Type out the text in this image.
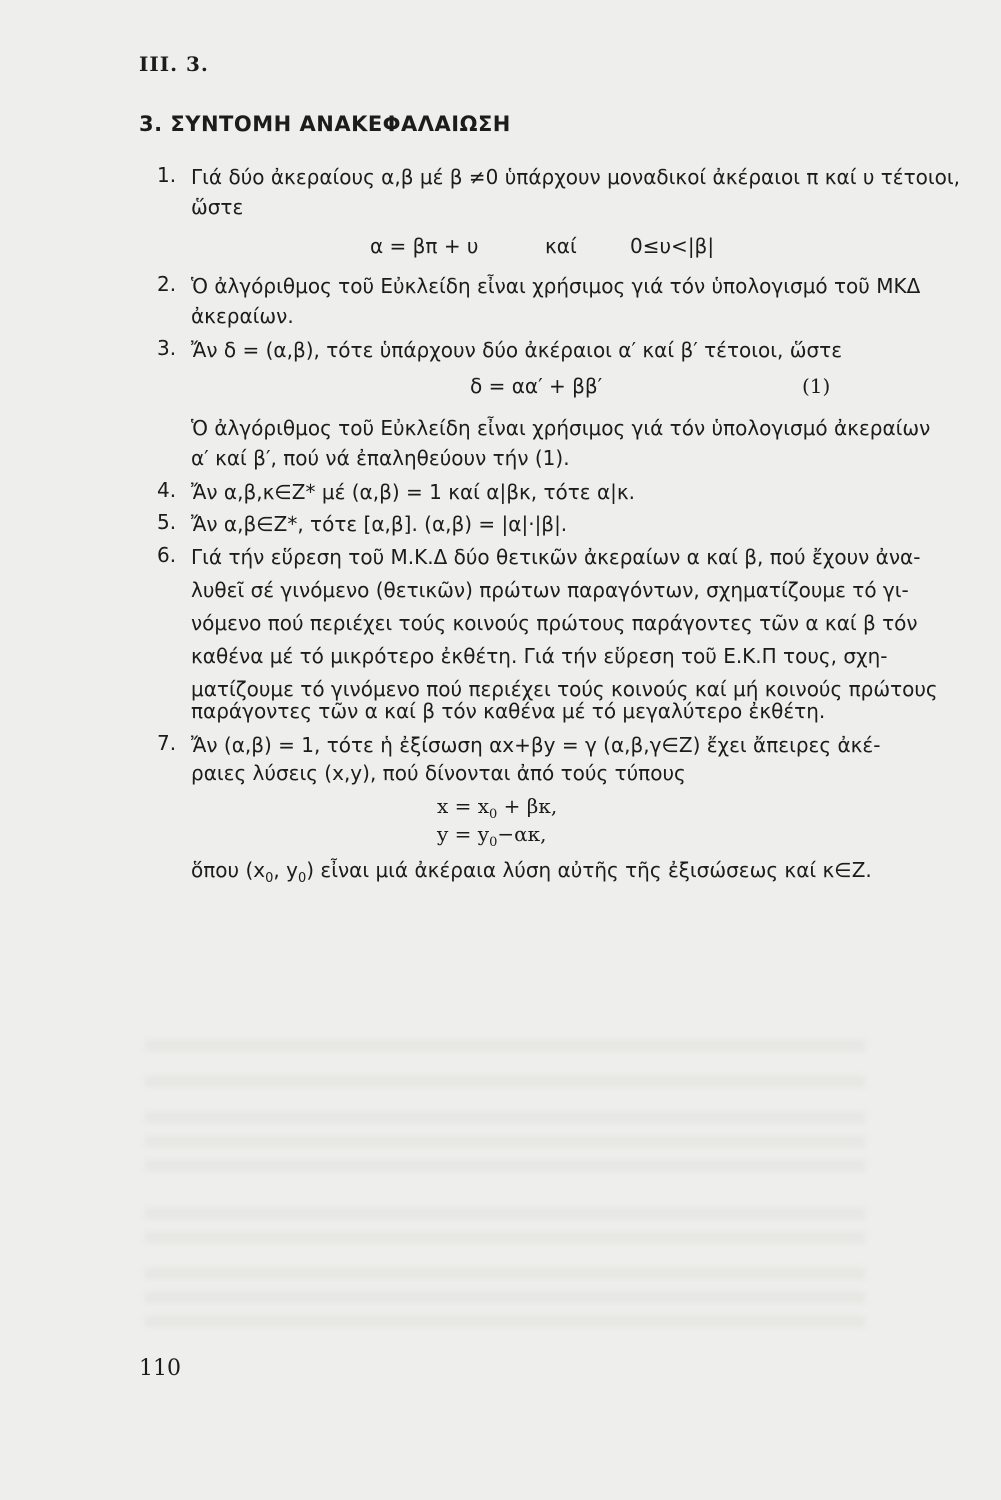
III. 3.
3. ΣΥΝΤΟΜΗ ΑΝΑΚΕΦΑΛΑΙΩΣΗ
1. Γιά δύο ἀκεραίους α,β μέ β ≠0 ὑπάρχουν μοναδικοί ἀκέραιοι π καί υ τέτοιοι,
ὥστε
α = βπ + υ	καί	0≤υ<|β|
2. Ὁ ἀλγόριθμος τοῦ Εὐκλείδη εἶναι χρήσιμος γιά τόν ὑπολογισμό τοῦ ΜΚΔ
ἀκεραίων.
3. Ἄν δ = (α,β), τότε ὑπάρχουν δύο ἀκέραιοι α′ καί β′ τέτοιοι, ὥστε
δ = αα′ + ββ′	(1)
Ὁ ἀλγόριθμος τοῦ Εὐκλείδη εἶναι χρήσιμος γιά τόν ὑπολογισμό ἀκεραίων
α′ καί β′, πού νά ἐπαληθεύουν τήν (1).
4. Ἄν α,β,κ∈Z* μέ (α,β) = 1 καί α|βκ, τότε α|κ.
5. Ἄν α,β∈Z*, τότε [α,β]. (α,β) = |α|·|β|.
6. Γιά τήν εὕρεση τοῦ Μ.Κ.Δ δύο θετικῶν ἀκεραίων α καί β, πού ἔχουν ἀνα-
λυθεῖ σέ γινόμενο (θετικῶν) πρώτων παραγόντων, σχηματίζουμε τό γι-
νόμενο πού περιέχει τούς κοινούς πρώτους παράγοντες τῶν α καί β τόν
καθένα μέ τό μικρότερο ἐκθέτη. Γιά τήν εὕρεση τοῦ Ε.Κ.Π τους, σχη-
ματίζουμε τό γινόμενο πού περιέχει τούς κοινούς καί μή κοινούς πρώτους
παράγοντες τῶν α καί β τόν καθένα μέ τό μεγαλύτερο ἐκθέτη.
7. Ἄν (α,β) = 1, τότε ἡ ἐξίσωση αx+βy = γ (α,β,γ∈Z) ἔχει ἄπειρες ἀκέ-
ραιες λύσεις (x,y), πού δίνονται ἀπό τούς τύπους
$x = x_0 + \beta\kappa$,
$y = y_0-\alpha\kappa$,
ὅπου ($x_0$, $y_0$) εἶναι μιά ἀκέραια λύση αὐτῆς τῆς ἐξισώσεως καί κ∈Z.
110
